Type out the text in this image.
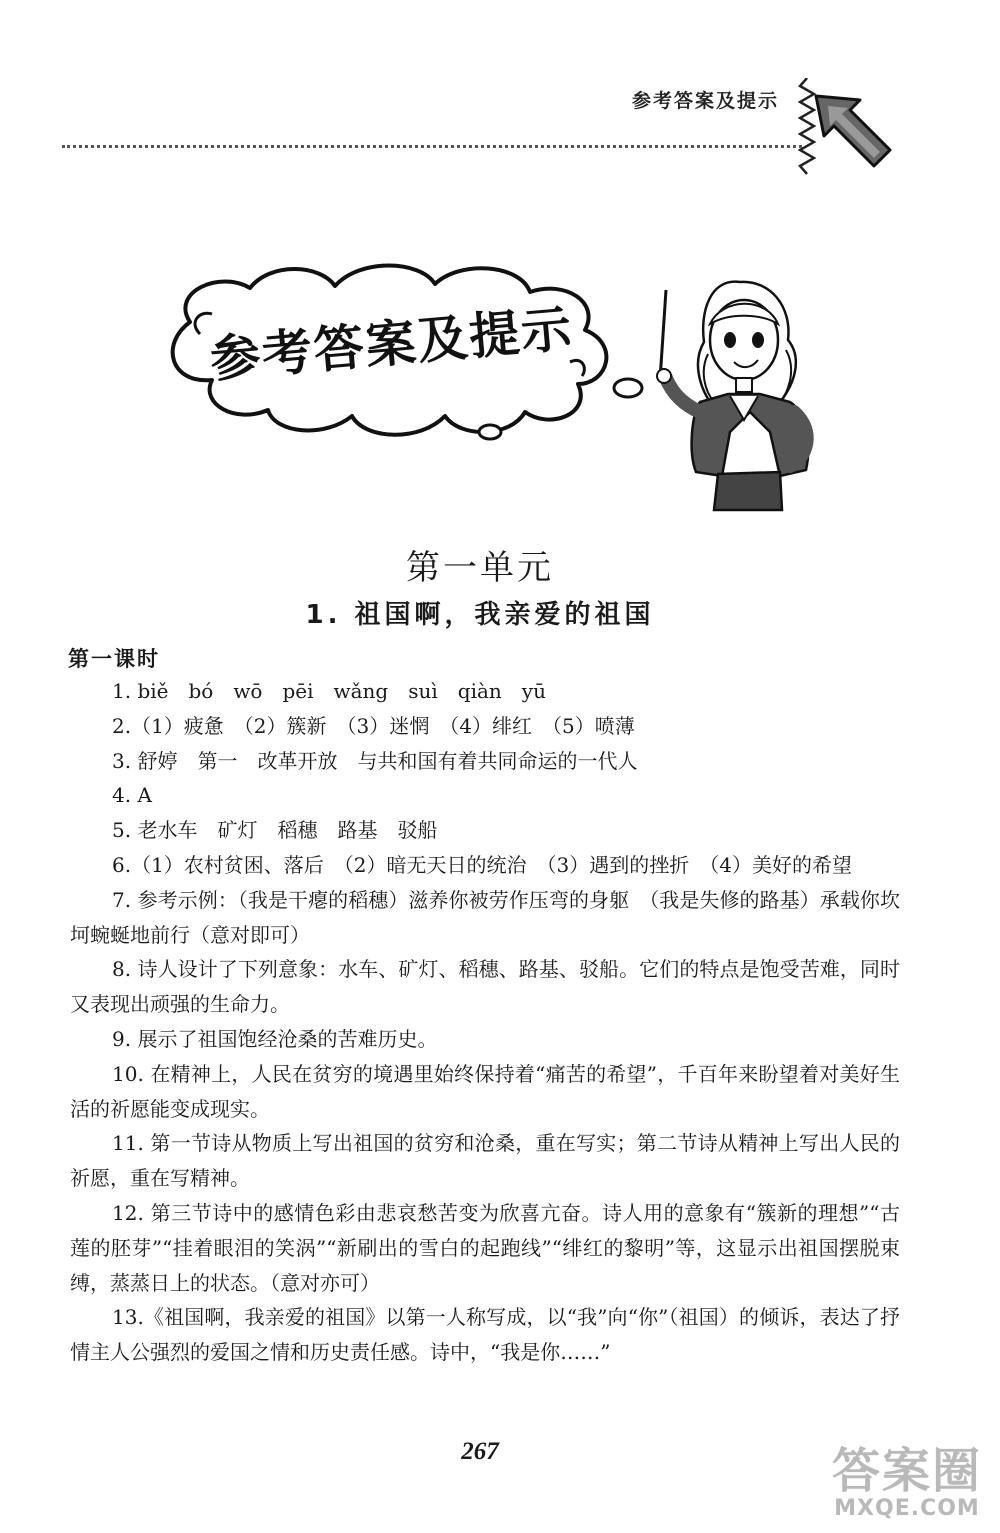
参考答案及提示
参考答案及提示
第一单元
1. 祖国啊，我亲爱的祖国
第一课时

1. biě　bó　wō　pēi　wǎng　suì　qiàn　yū

2.（1）疲惫　（2）簇新　（3）迷惘　（4）绯红　（5）喷薄

3. 舒婷　第一　改革开放　与共和国有着共同命运的一代人

4. A

5. 老水车　矿灯　稻穗　路基　驳船

6.（1）农村贫困、落后　（2）暗无天日的统治　（3）遇到的挫折　（4）美好的希望

7. 参考示例：（我是干瘪的稻穗）滋养你被劳作压弯的身躯　（我是失修的路基）承载你坎坷蜿蜒地前行（意对即可）

8. 诗人设计了下列意象：水车、矿灯、稻穗、路基、驳船。它们的特点是饱受苦难，同时又表现出顽强的生命力。

9. 展示了祖国饱经沧桑的苦难历史。

10. 在精神上，人民在贫穷的境遇里始终保持着“痛苦的希望”，千百年来盼望着对美好生活的祈愿能变成现实。

11. 第一节诗从物质上写出祖国的贫穷和沧桑，重在写实；第二节诗从精神上写出人民的祈愿，重在写精神。

12. 第三节诗中的感情色彩由悲哀愁苦变为欣喜亢奋。诗人用的意象有“簇新的理想”“古莲的胚芽”“挂着眼泪的笑涡”“新刷出的雪白的起跑线”“绯红的黎明”等，这显示出祖国摆脱束缚，蒸蒸日上的状态。（意对亦可）

13.《祖国啊，我亲爱的祖国》以第一人称写成，以“我”向“你”（祖国）的倾诉，表达了抒情主人公强烈的爱国之情和历史责任感。诗中，“我是你……”

267	答案圈
MXQE.COM
